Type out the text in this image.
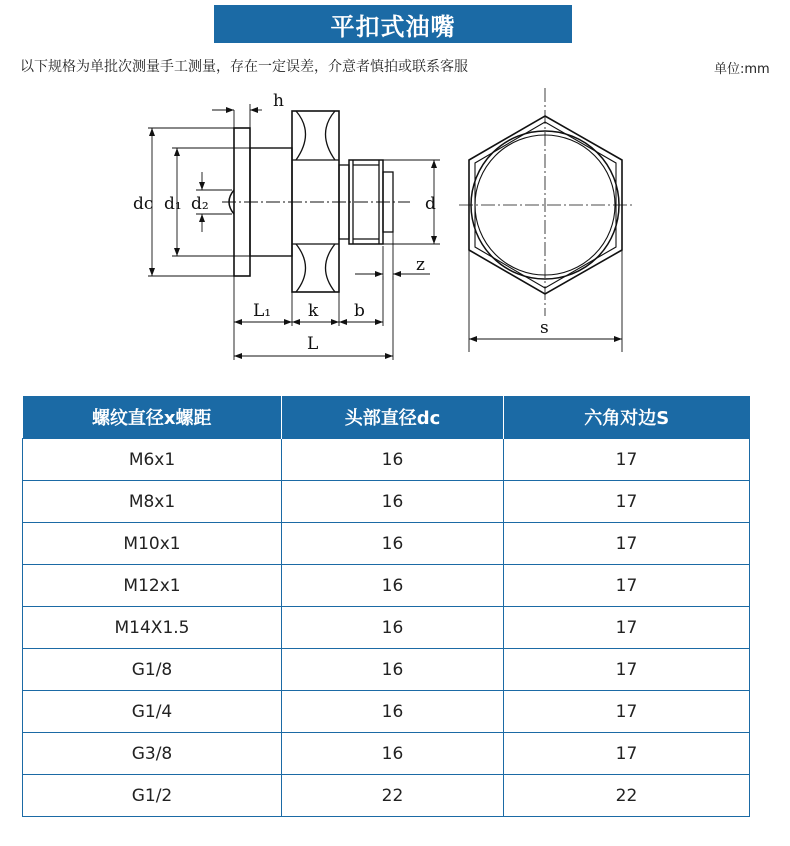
平扣式油嘴
以下规格为单批次测量手工测量，存在一定误差，介意者慎拍或联系客服	单位:mm
h
dc d₁ d₂	d
z
L₁ k b
L
s
螺纹直径x螺距	头部直径dc	六角对边S
M6x1	16	17
M8x1	16	17
M10x1	16	17
M12x1	16	17
M14X1.5	16	17
G1/8	16	17
G1/4	16	17
G3/8	16	17
G1/2	22	22
